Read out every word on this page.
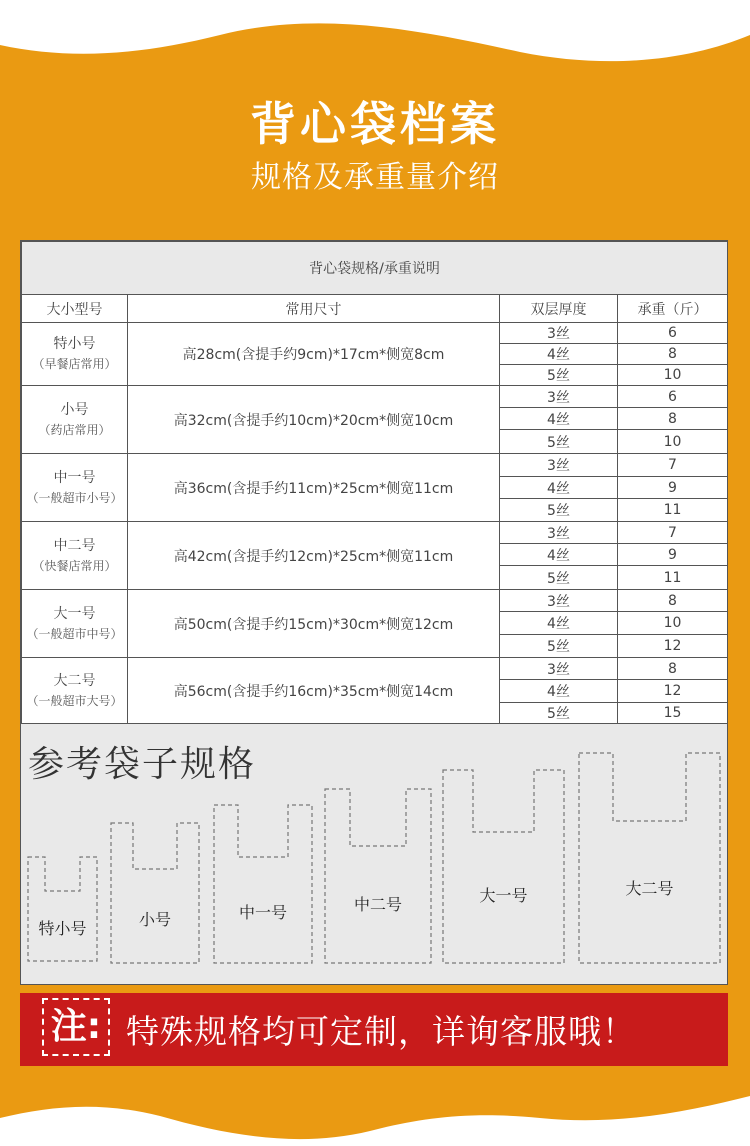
背心袋档案
规格及承重量介绍
背心袋规格/承重说明			
大小型号	常用尺寸	双层厚度	承重（斤）

特小号
（早餐店常用）	高28cm(含提手约9cm)*17cm*侧宽8cm	3丝	6
		4丝	8
		5丝	10

小号
（药店常用）	高32cm(含提手约10cm)*20cm*侧宽10cm	3丝	6
		4丝	8
		5丝	10

中一号
（一般超市小号）	高36cm(含提手约11cm)*25cm*侧宽11cm	3丝	7
		4丝	9
		5丝	11

中二号
（快餐店常用）	高42cm(含提手约12cm)*25cm*侧宽11cm	3丝	7
		4丝	9
		5丝	11

大一号
（一般超市中号）	高50cm(含提手约15cm)*30cm*侧宽12cm	3丝	8
		4丝	10
		5丝	12

大二号
（一般超市大号）	高56cm(含提手约16cm)*35cm*侧宽14cm	3丝	8
		4丝	12
		5丝	15
参考袋子规格
特小号	小号	中一号	中二号	大一号	大二号
注: 特殊规格均可定制，详询客服哦！
